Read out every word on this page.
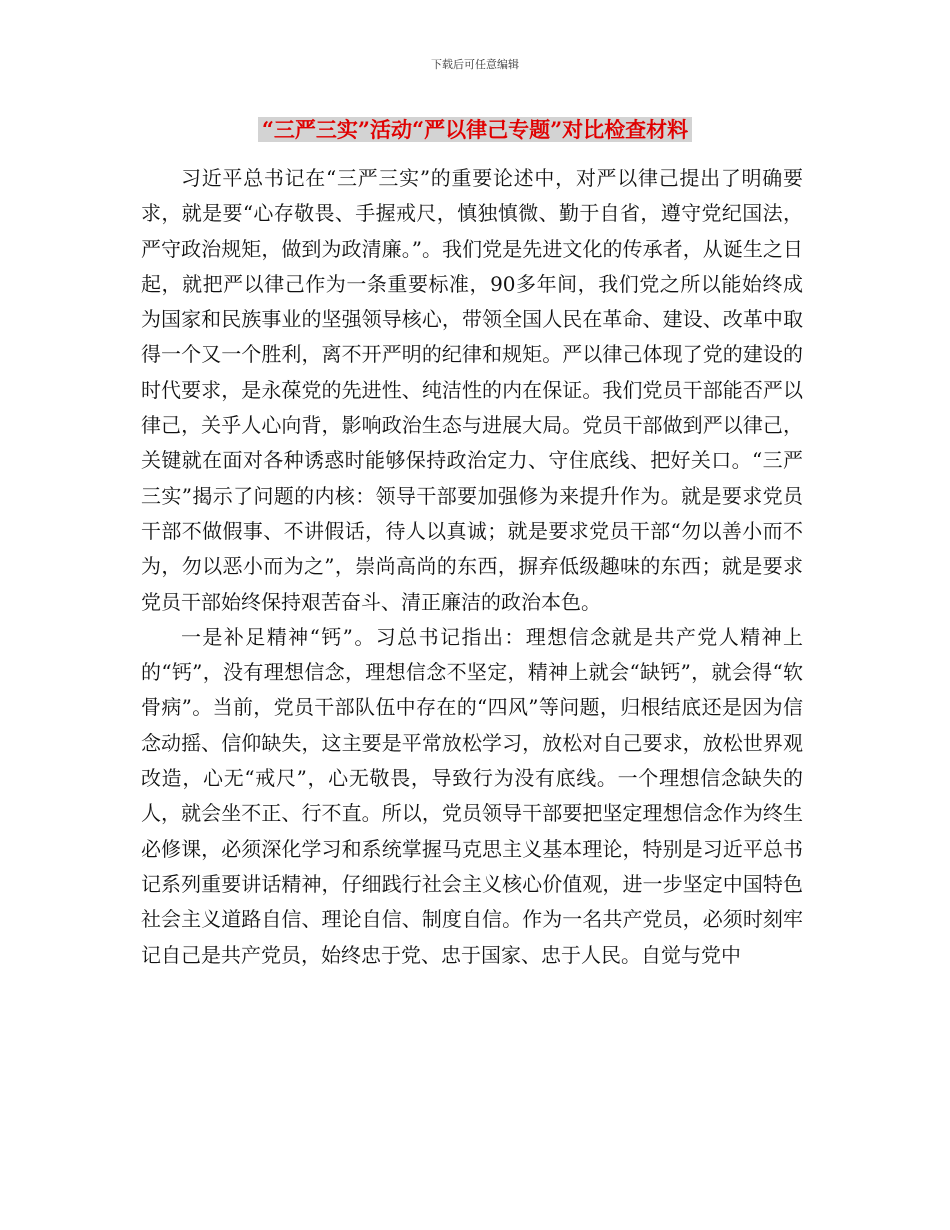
下载后可任意编辑
“三严三实”活动“严以律己专题”对比检查材料

习近平总书记在“三严三实”的重要论述中，对严以律己提出了明确要求，就是要“心存敬畏、手握戒尺，慎独慎微、勤于自省，遵守党纪国法，严守政治规矩，做到为政清廉。”。我们党是先进文化的传承者，从诞生之日起，就把严以律己作为一条重要标准，90多年间，我们党之所以能始终成为国家和民族事业的坚强领导核心，带领全国人民在革命、建设、改革中取得一个又一个胜利，离不开严明的纪律和规矩。严以律己体现了党的建设的时代要求，是永葆党的先进性、纯洁性的内在保证。我们党员干部能否严以律己，关乎人心向背，影响政治生态与进展大局。党员干部做到严以律己，关键就在面对各种诱惑时能够保持政治定力、守住底线、把好关口。“三严三实”揭示了问题的内核：领导干部要加强修为来提升作为。就是要求党员干部不做假事、不讲假话，待人以真诚；就是要求党员干部“勿以善小而不为，勿以恶小而为之”，崇尚高尚的东西，摒弃低级趣味的东西；就是要求党员干部始终保持艰苦奋斗、清正廉洁的政治本色。

一是补足精神“钙”。习总书记指出：理想信念就是共产党人精神上的“钙”，没有理想信念，理想信念不坚定，精神上就会“缺钙”，就会得“软骨病”。当前，党员干部队伍中存在的“四风”等问题，归根结底还是因为信念动摇、信仰缺失，这主要是平常放松学习，放松对自己要求，放松世界观改造，心无“戒尺”，心无敬畏，导致行为没有底线。一个理想信念缺失的人，就会坐不正、行不直。所以，党员领导干部要把坚定理想信念作为终生必修课，必须深化学习和系统掌握马克思主义基本理论，特别是习近平总书记系列重要讲话精神，仔细践行社会主义核心价值观，进一步坚定中国特色社会主义道路自信、理论自信、制度自信。作为一名共产党员，必须时刻牢记自己是共产党员，始终忠于党、忠于国家、忠于人民。自觉与党中
